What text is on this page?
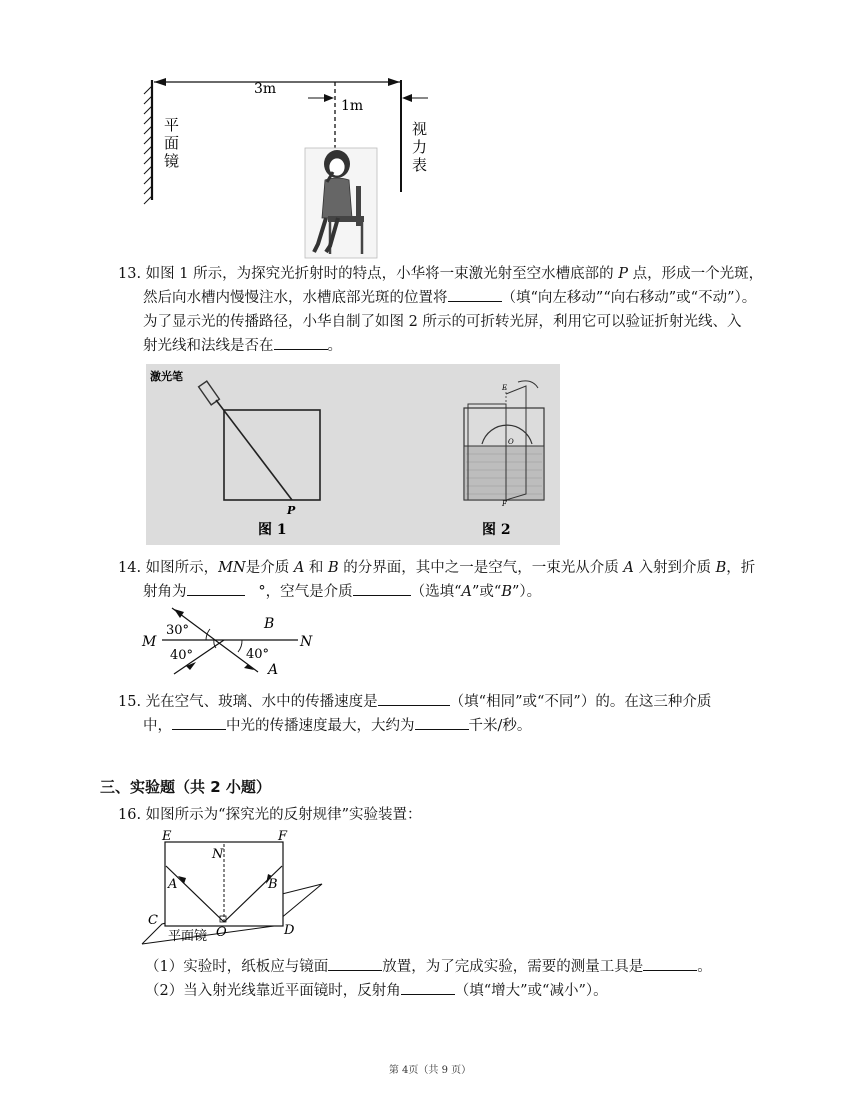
3m
1m
平面镜
视力表
13. 如图 1 所示，为探究光折射时的特点，小华将一束激光射至空水槽底部的 P 点，形成一个光斑，
然后向水槽内慢慢注水，水槽底部光斑的位置将	（填“向左移动”“向右移动”或“不动”）。
为了显示光的传播路径，小华自制了如图 2 所示的可折转光屏，利用它可以验证折射光线、入
射光线和法线是否在	。
激光笔
P
图 1
E
O
F
图 2
14. 如图所示，MN是介质 A 和 B 的分界面，其中之一是空气，一束光从介质 A 入射到介质 B，折
射角为	°，空气是介质	（选填“A”或“B”）。
M	N
B
A
30°
40°	40°
15. 光在空气、玻璃、水中的传播速度是	（填“相同”或“不同”）的。在这三种介质
中，	中光的传播速度最大，大约为	千米/秒。
三、实验题（共 2 小题）
16. 如图所示为“探究光的反射规律”实验装置：
E	F
N
A	B
C
O	D
平面镜
（1）实验时，纸板应与镜面	放置，为了完成实验，需要的测量工具是	。
（2）当入射光线靠近平面镜时，反射角	（填“增大”或“减小”）。
第 4页（共 9 页）
